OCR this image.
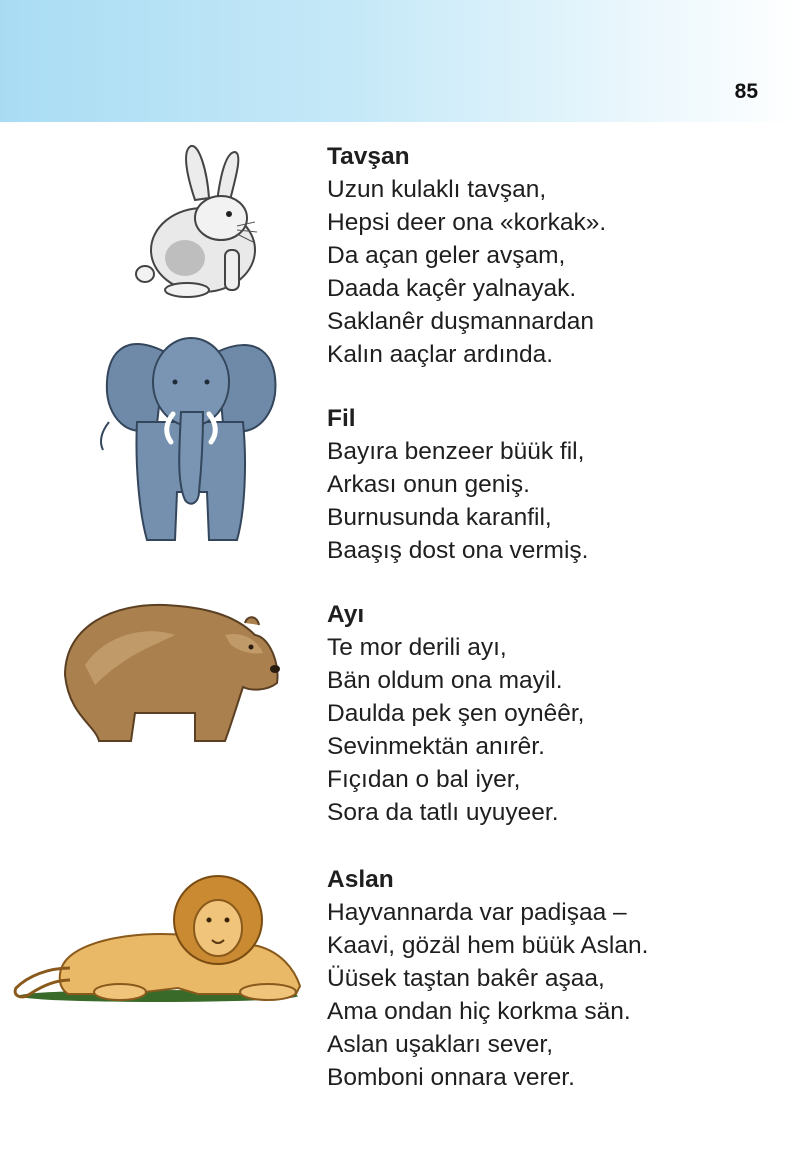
85
Tavşan
Uzun kulaklı tavşan,
Hepsi deer ona «korkak».
Da açan geler avşam,
Daada kaçêr yalnayak.
Saklanêr duşmannardan
Kalın aaçlar ardında.
Fil
Bayıra benzeer büük fil,
Arkası onun geniş.
Burnusunda karanfil,
Baaşış dost ona vermiş.
Ayı
Te mor derili ayı,
Bän oldum ona mayil.
Daulda pek şen oynêêr,
Sevinmektän anırêr.
Fıçıdan o bal iyer,
Sora da tatlı uyuyeer.
Aslan
Hayvannarda var padişaa –
Kaavi, gözäl hem büük Aslan.
Üüsek taştan bakêr aşaa,
Ama ondan hiç korkma sän.
Aslan uşakları sever,
Bomboni onnara verer.
